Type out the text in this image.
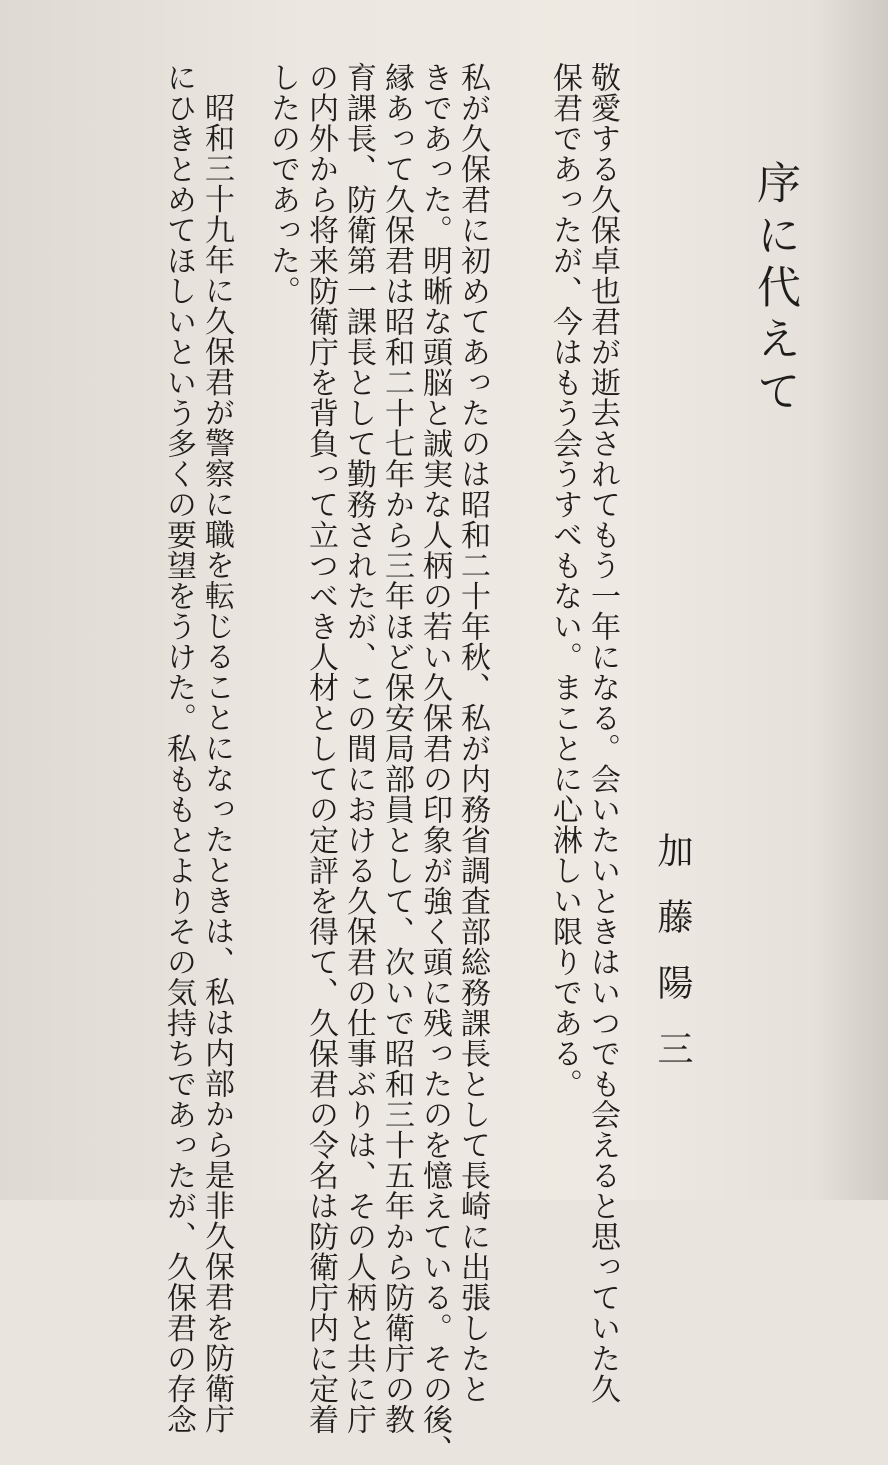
序に代えて
加藤陽三
敬愛する久保卓也君が逝去されてもう一年になる。会いたいときはいつでも会えると思っていた久
保君であったが、今はもう会うすべもない。まことに心淋しい限りである。
私が久保君に初めてあったのは昭和二十年秋、私が内務省調査部総務課長として長崎に出張したと
きであった。明晰な頭脳と誠実な人柄の若い久保君の印象が強く頭に残ったのを憶えている。その後、
縁あって久保君は昭和二十七年から三年ほど保安局部員として、次いで昭和三十五年から防衛庁の教
育課長、防衛第一課長として勤務されたが、この間における久保君の仕事ぶりは、その人柄と共に庁
の内外から将来防衛庁を背負って立つべき人材としての定評を得て、久保君の令名は防衛庁内に定着
したのであった。
昭和三十九年に久保君が警察に職を転じることになったときは、私は内部から是非久保君を防衛庁
にひきとめてほしいという多くの要望をうけた。私ももとよりその気持ちであったが、久保君の存念
